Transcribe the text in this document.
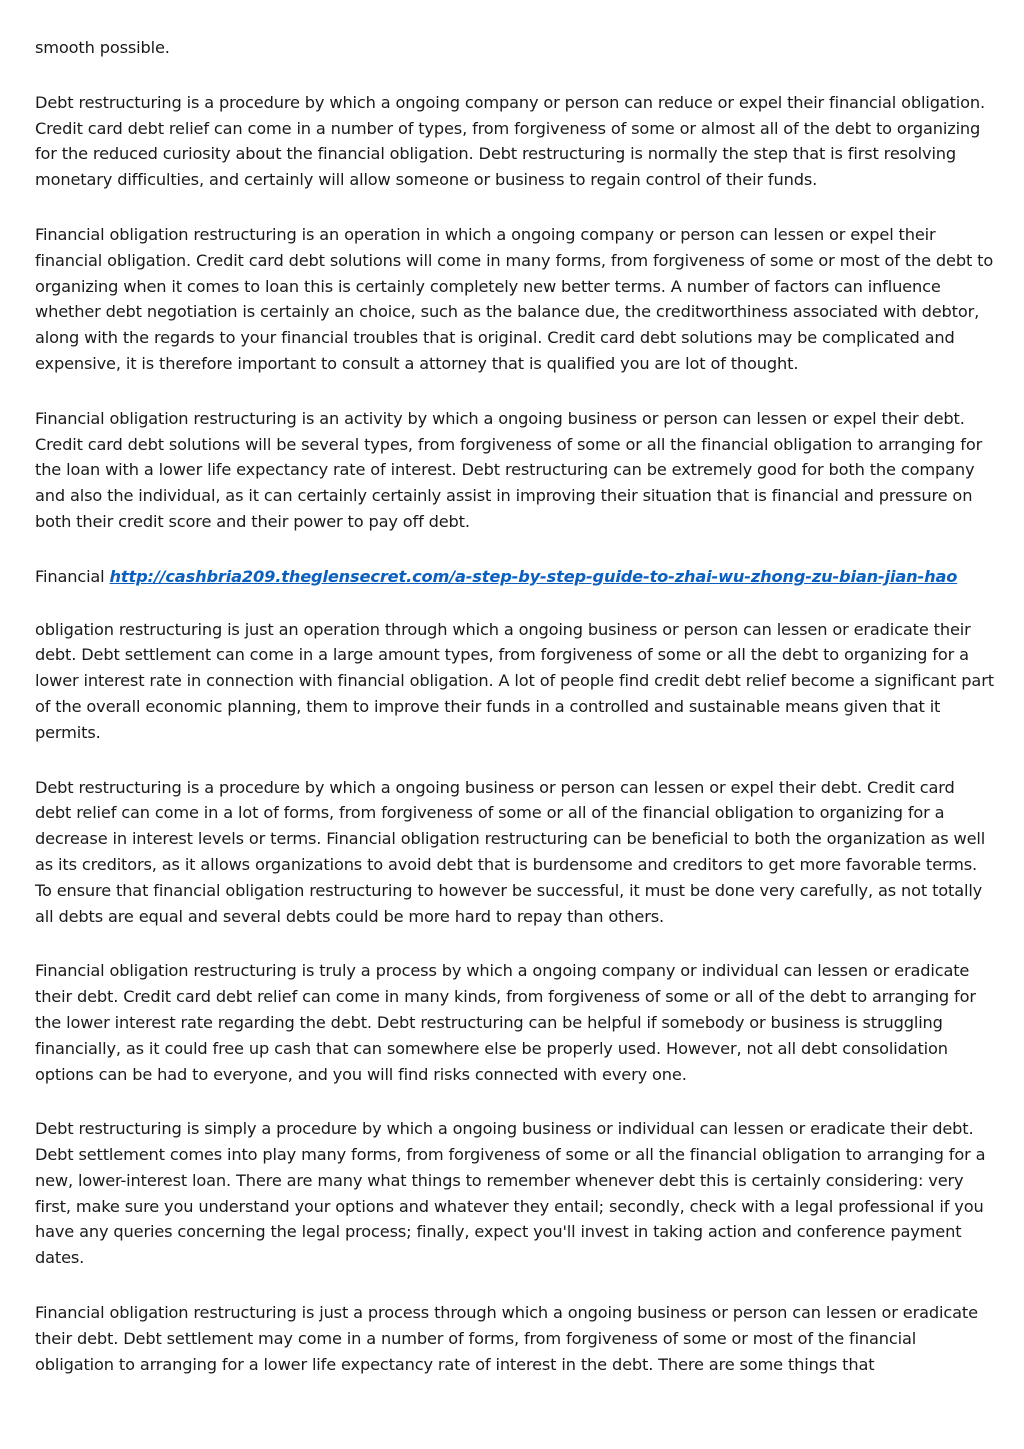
smooth possible.

Debt restructuring is a procedure by which a ongoing company or person can reduce or expel their financial obligation. Credit card debt relief can come in a number of types, from forgiveness of some or almost all of the debt to organizing for the reduced curiosity about the financial obligation. Debt restructuring is normally the step that is first resolving monetary difficulties, and certainly will allow someone or business to regain control of their funds.

Financial obligation restructuring is an operation in which a ongoing company or person can lessen or expel their financial obligation. Credit card debt solutions will come in many forms, from forgiveness of some or most of the debt to organizing when it comes to loan this is certainly completely new better terms. A number of factors can influence whether debt negotiation is certainly an choice, such as the balance due, the creditworthiness associated with debtor, along with the regards to your financial troubles that is original. Credit card debt solutions may be complicated and expensive, it is therefore important to consult a attorney that is qualified you are lot of thought.

Financial obligation restructuring is an activity by which a ongoing business or person can lessen or expel their debt. Credit card debt solutions will be several types, from forgiveness of some or all the financial obligation to arranging for the loan with a lower life expectancy rate of interest. Debt restructuring can be extremely good for both the company and also the individual, as it can certainly certainly assist in improving their situation that is financial and pressure on both their credit score and their power to pay off debt.

Financial http://cashbria209.theglensecret.com/a-step-by-step-guide-to-zhai-wu-zhong-zu-bian-jian-hao

obligation restructuring is just an operation through which a ongoing business or person can lessen or eradicate their debt. Debt settlement can come in a large amount types, from forgiveness of some or all the debt to organizing for a lower interest rate in connection with financial obligation. A lot of people find credit debt relief become a significant part of the overall economic planning, them to improve their funds in a controlled and sustainable means given that it permits.

Debt restructuring is a procedure by which a ongoing business or person can lessen or expel their debt. Credit card debt relief can come in a lot of forms, from forgiveness of some or all of the financial obligation to organizing for a decrease in interest levels or terms. Financial obligation restructuring can be beneficial to both the organization as well as its creditors, as it allows organizations to avoid debt that is burdensome and creditors to get more favorable terms. To ensure that financial obligation restructuring to however be successful, it must be done very carefully, as not totally all debts are equal and several debts could be more hard to repay than others.

Financial obligation restructuring is truly a process by which a ongoing company or individual can lessen or eradicate their debt. Credit card debt relief can come in many kinds, from forgiveness of some or all of the debt to arranging for the lower interest rate regarding the debt. Debt restructuring can be helpful if somebody or business is struggling financially, as it could free up cash that can somewhere else be properly used. However, not all debt consolidation options can be had to everyone, and you will find risks connected with every one.

Debt restructuring is simply a procedure by which a ongoing business or individual can lessen or eradicate their debt. Debt settlement comes into play many forms, from forgiveness of some or all the financial obligation to arranging for a new, lower-interest loan. There are many what things to remember whenever debt this is certainly considering: very first, make sure you understand your options and whatever they entail; secondly, check with a legal professional if you have any queries concerning the legal process; finally, expect you'll invest in taking action and conference payment dates.

Financial obligation restructuring is just a process through which a ongoing business or person can lessen or eradicate their debt. Debt settlement may come in a number of forms, from forgiveness of some or most of the financial obligation to arranging for a lower life expectancy rate of interest in the debt. There are some things that
